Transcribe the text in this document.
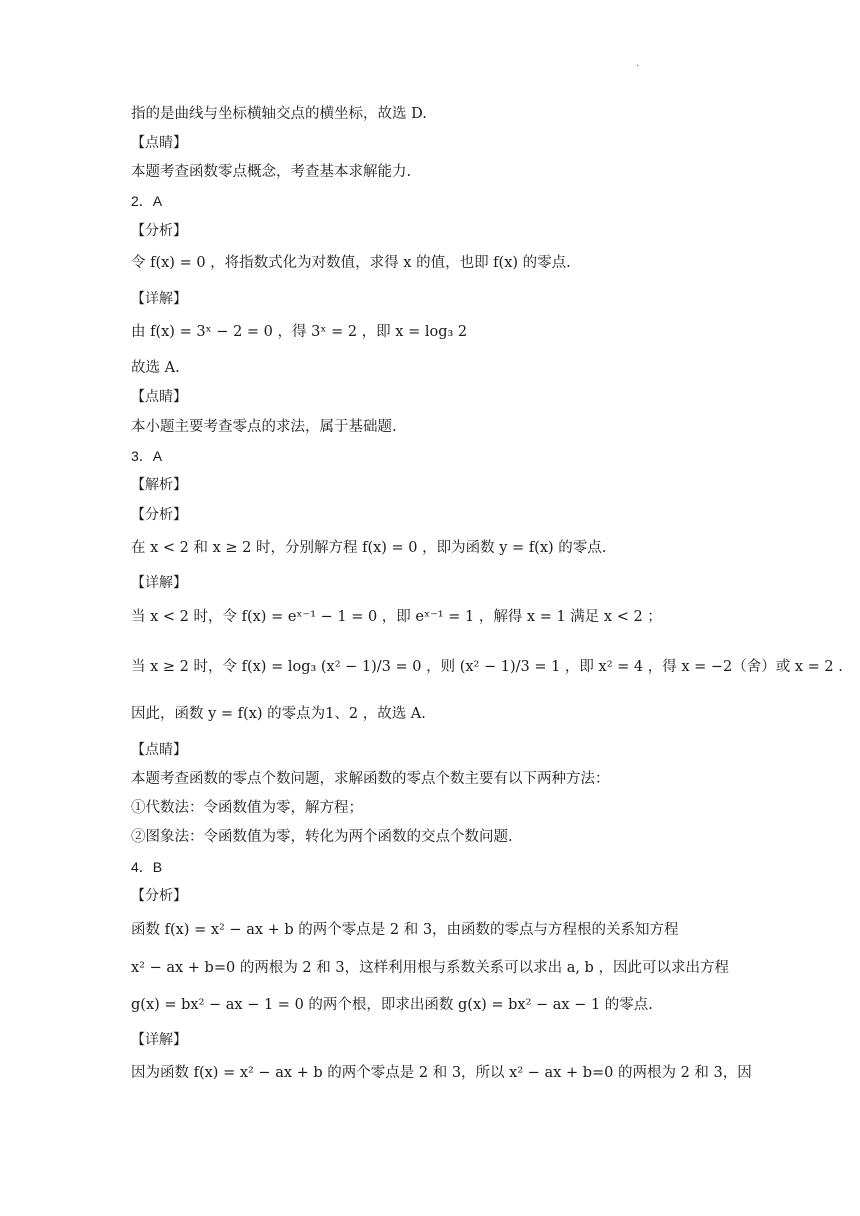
.
指的是曲线与坐标横轴交点的横坐标，故选 D.
【点睛】
本题考查函数零点概念，考查基本求解能力.
2．A
【分析】
令 f(x) = 0 ，将指数式化为对数值，求得 x 的值，也即 f(x) 的零点.
【详解】
由 f(x) = 3ˣ − 2 = 0 ，得 3ˣ = 2 ，即 x = log₃ 2
故选 A.
【点睛】
本小题主要考查零点的求法，属于基础题.
3．A
【解析】
【分析】
在 x < 2 和 x ≥ 2 时，分别解方程 f(x) = 0 ，即为函数 y = f(x) 的零点.
【详解】
当 x < 2 时，令 f(x) = eˣ⁻¹ − 1 = 0 ，即 eˣ⁻¹ = 1 ，解得 x = 1 满足 x < 2 ；
当 x ≥ 2 时，令 f(x) = log₃ (x² − 1)/3 = 0 ，则 (x² − 1)/3 = 1 ，即 x² = 4 ，得 x = −2（舍）或 x = 2 .
因此，函数 y = f(x) 的零点为1、2 ，故选 A.
【点睛】
本题考查函数的零点个数问题，求解函数的零点个数主要有以下两种方法：
①代数法：令函数值为零，解方程；
②图象法：令函数值为零，转化为两个函数的交点个数问题.
4．B
【分析】
函数 f(x) = x² − ax + b 的两个零点是 2 和 3，由函数的零点与方程根的关系知方程
x² − ax + b=0 的两根为 2 和 3，这样利用根与系数关系可以求出 a, b ，因此可以求出方程
g(x) = bx² − ax − 1 = 0 的两个根，即求出函数 g(x) = bx² − ax − 1 的零点.
【详解】
因为函数 f(x) = x² − ax + b 的两个零点是 2 和 3，所以 x² − ax + b=0 的两根为 2 和 3，因
